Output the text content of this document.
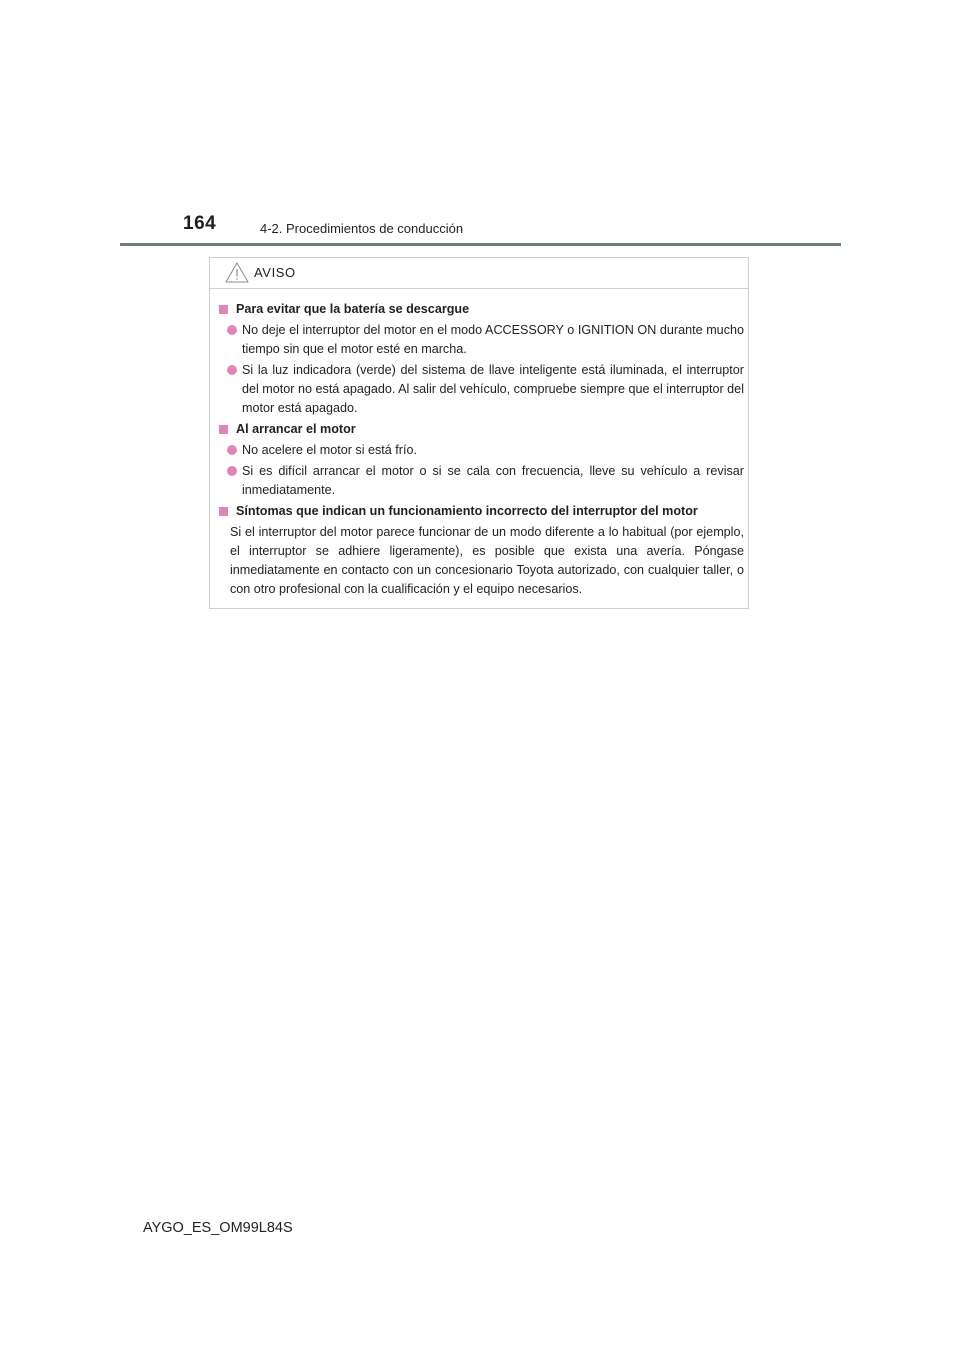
164	4-2. Procedimientos de conducción
AVISO
Para evitar que la batería se descargue
No deje el interruptor del motor en el modo ACCESSORY o IGNITION ON durante mucho tiempo sin que el motor esté en marcha.
Si la luz indicadora (verde) del sistema de llave inteligente está iluminada, el interruptor del motor no está apagado. Al salir del vehículo, compruebe siempre que el interruptor del motor está apagado.
Al arrancar el motor
No acelere el motor si está frío.
Si es difícil arrancar el motor o si se cala con frecuencia, lleve su vehículo a revisar inmediatamente.
Síntomas que indican un funcionamiento incorrecto del interruptor del motor
Si el interruptor del motor parece funcionar de un modo diferente a lo habitual (por ejemplo, el interruptor se adhiere ligeramente), es posible que exista una avería. Póngase inmediatamente en contacto con un concesionario Toyota autorizado, con cualquier taller, o con otro profesional con la cualificación y el equipo necesarios.
AYGO_ES_OM99L84S
